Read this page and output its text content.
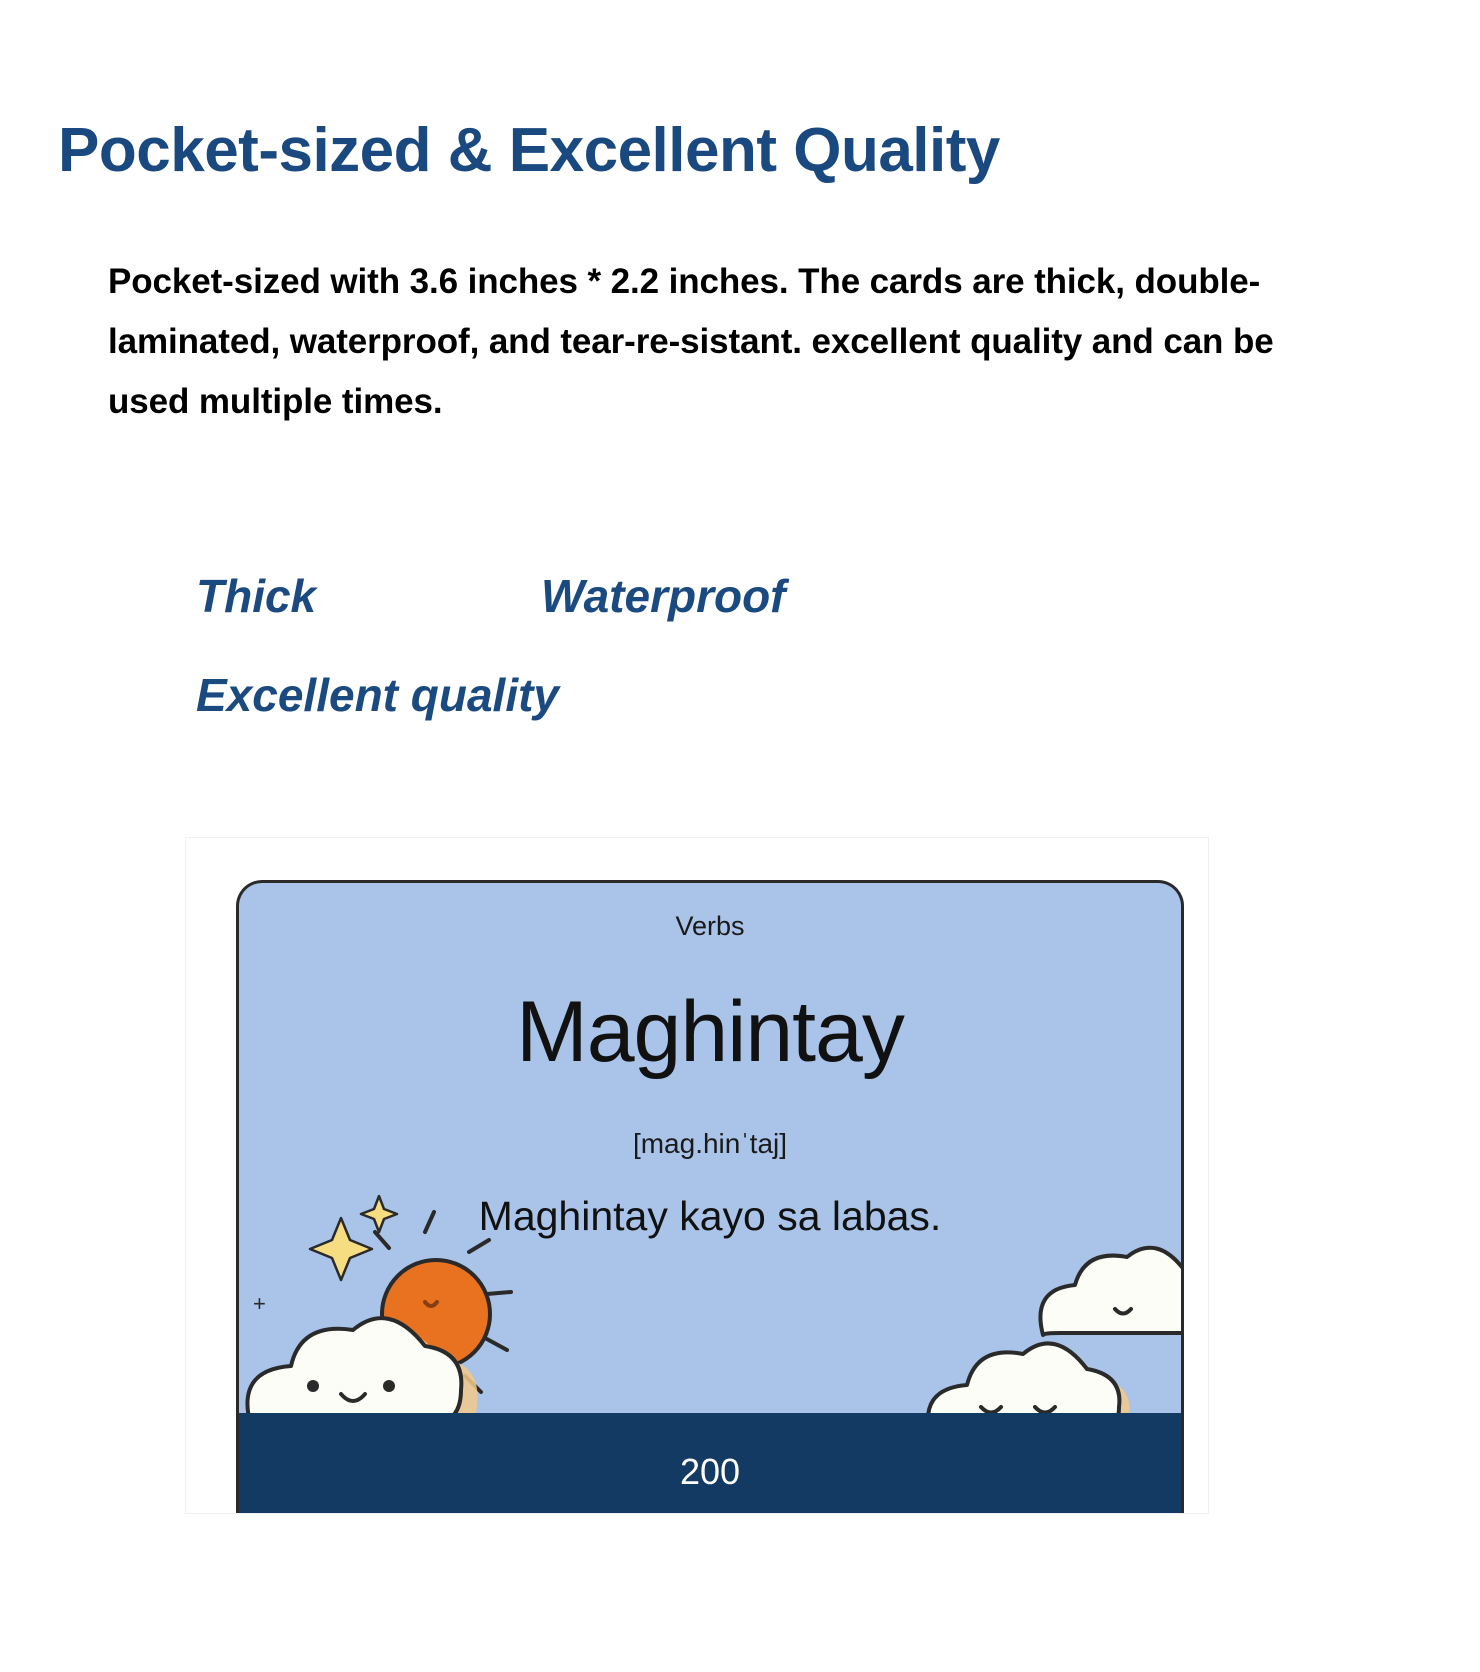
Pocket-sized & Excellent Quality
Pocket-sized with 3.6 inches * 2.2 inches. The cards are thick, double-laminated, waterproof, and tear-re-sistant. excellent quality and can be used multiple times.
Thick	Waterproof
Excellent quality
Verbs
Maghintay
[mag.hinˈtaj]
Maghintay kayo sa labas.
+
200
